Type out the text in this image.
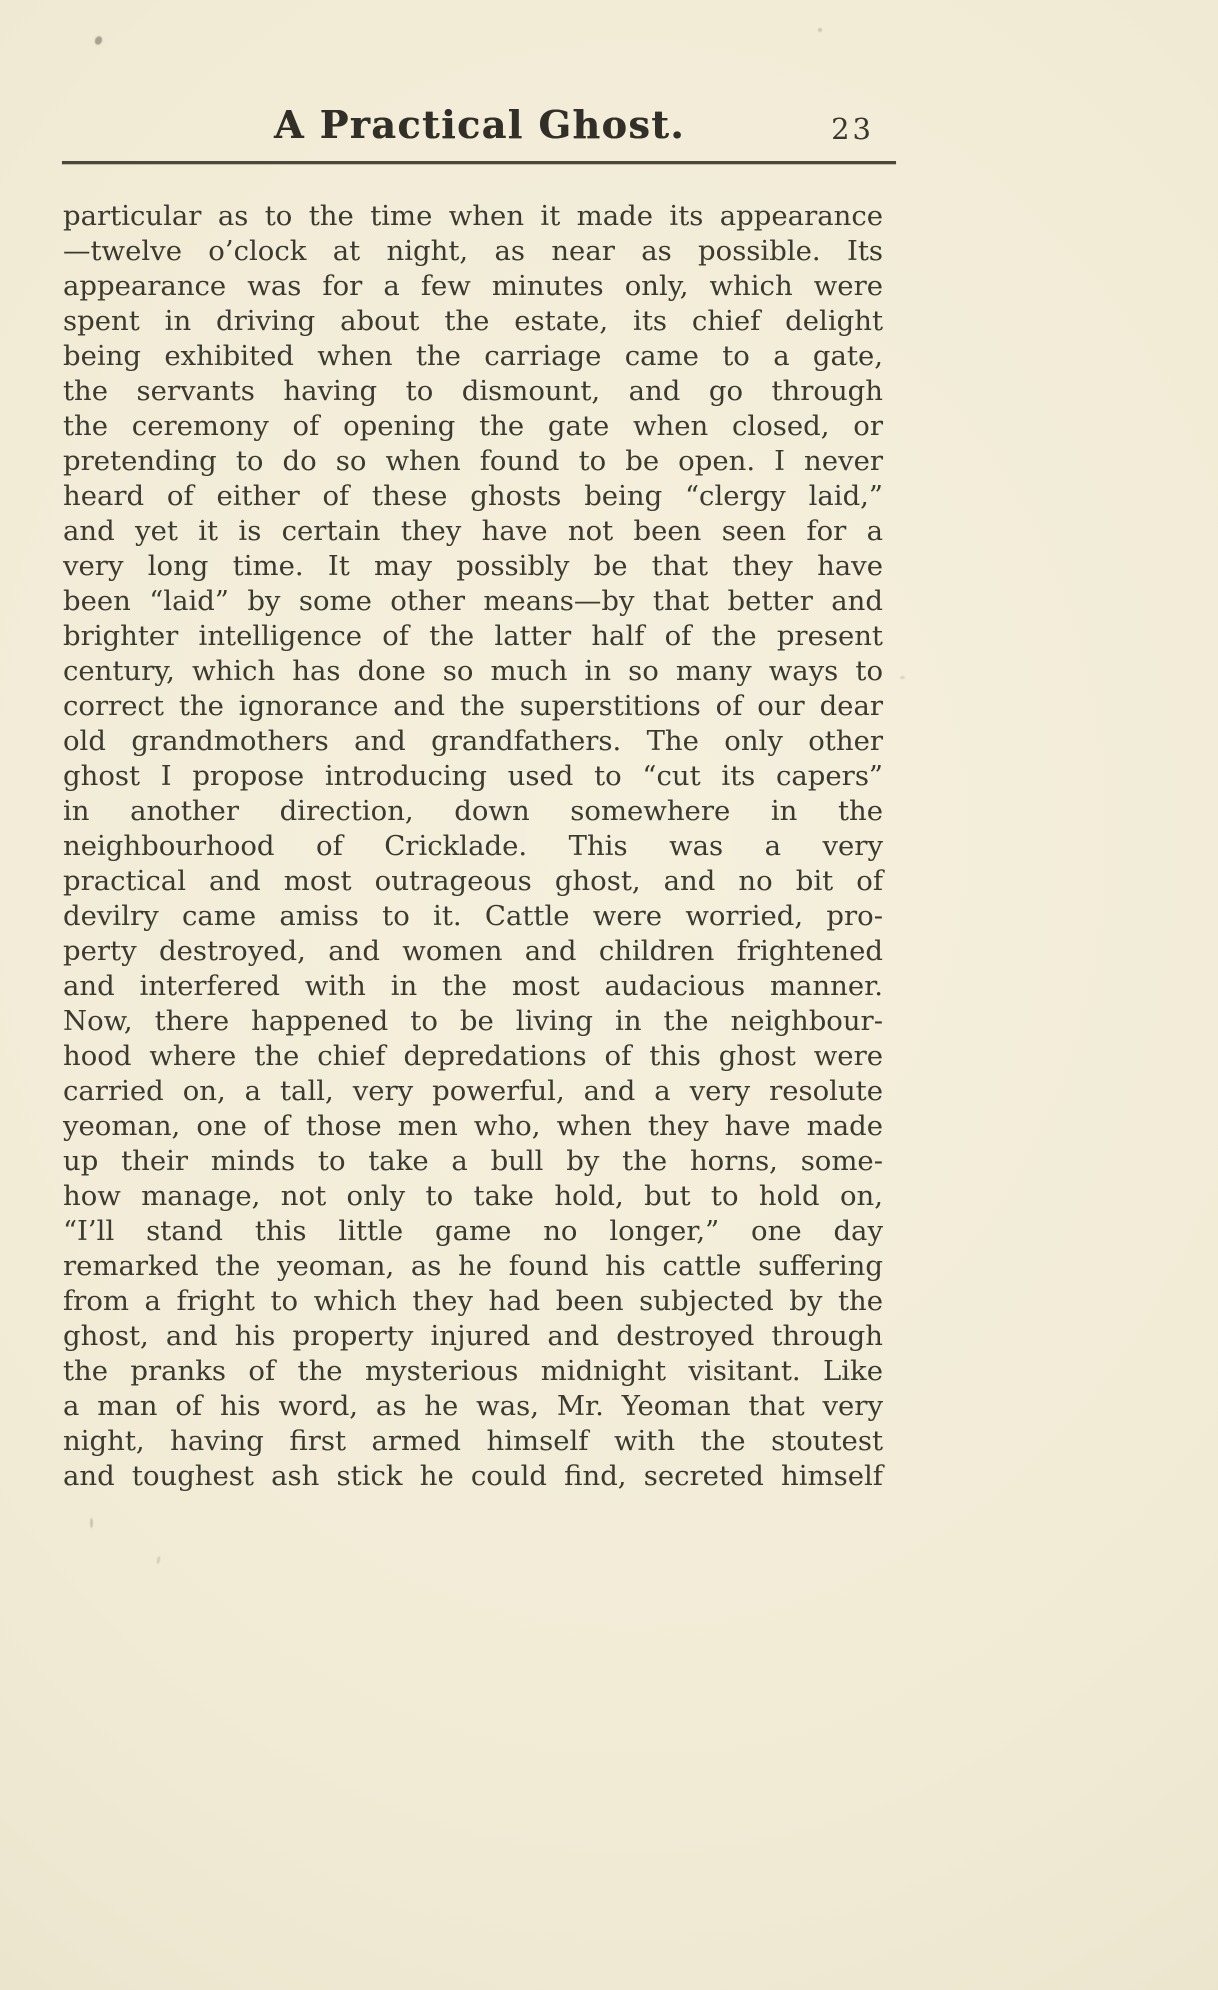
A Practical Ghost.	23
particular as to the time when it made its appearance
—twelve o’clock at night, as near as possible. Its
appearance was for a few minutes only, which were
spent in driving about the estate, its chief delight
being exhibited when the carriage came to a gate,
the servants having to dismount, and go through
the ceremony of opening the gate when closed, or
pretending to do so when found to be open. I never
heard of either of these ghosts being “clergy laid,”
and yet it is certain they have not been seen for a
very long time. It may possibly be that they have
been “laid” by some other means—by that better and
brighter intelligence of the latter half of the present
century, which has done so much in so many ways to
correct the ignorance and the superstitions of our dear
old grandmothers and grandfathers. The only other
ghost I propose introducing used to “cut its capers”
in another direction, down somewhere in the
neighbourhood of Cricklade. This was a very
practical and most outrageous ghost, and no bit of
devilry came amiss to it. Cattle were worried, pro-
perty destroyed, and women and children frightened
and interfered with in the most audacious manner.
Now, there happened to be living in the neighbour-
hood where the chief depredations of this ghost were
carried on, a tall, very powerful, and a very resolute
yeoman, one of those men who, when they have made
up their minds to take a bull by the horns, some-
how manage, not only to take hold, but to hold on,
“I’ll stand this little game no longer,” one day
remarked the yeoman, as he found his cattle suffering
from a fright to which they had been subjected by the
ghost, and his property injured and destroyed through
the pranks of the mysterious midnight visitant. Like
a man of his word, as he was, Mr. Yeoman that very
night, having first armed himself with the stoutest
and toughest ash stick he could find, secreted himself
